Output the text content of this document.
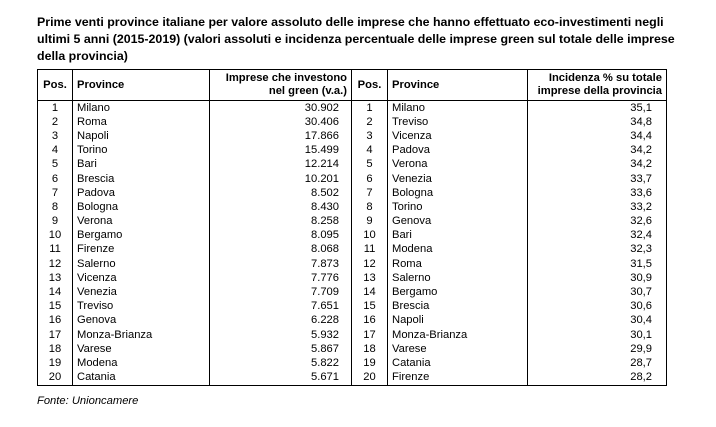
Prime venti province italiane per valore assoluto delle imprese che hanno effettuato eco-investimenti negli ultimi 5 anni (2015-2019) (valori assoluti e incidenza percentuale delle imprese green sul totale delle imprese della provincia)

Pos.	Province	Imprese che investono nel green (v.a.)	Pos.	Province	Incidenza % su totale imprese della provincia
1	Milano	30.902	1	Milano	35,1
2	Roma	30.406	2	Treviso	34,8
3	Napoli	17.866	3	Vicenza	34,4
4	Torino	15.499	4	Padova	34,2
5	Bari	12.214	5	Verona	34,2
6	Brescia	10.201	6	Venezia	33,7
7	Padova	8.502	7	Bologna	33,6
8	Bologna	8.430	8	Torino	33,2
9	Verona	8.258	9	Genova	32,6
10	Bergamo	8.095	10	Bari	32,4
11	Firenze	8.068	11	Modena	32,3
12	Salerno	7.873	12	Roma	31,5
13	Vicenza	7.776	13	Salerno	30,9
14	Venezia	7.709	14	Bergamo	30,7
15	Treviso	7.651	15	Brescia	30,6
16	Genova	6.228	16	Napoli	30,4
17	Monza-Brianza	5.932	17	Monza-Brianza	30,1
18	Varese	5.867	18	Varese	29,9
19	Modena	5.822	19	Catania	28,7
20	Catania	5.671	20	Firenze	28,2

Fonte: Unioncamere
